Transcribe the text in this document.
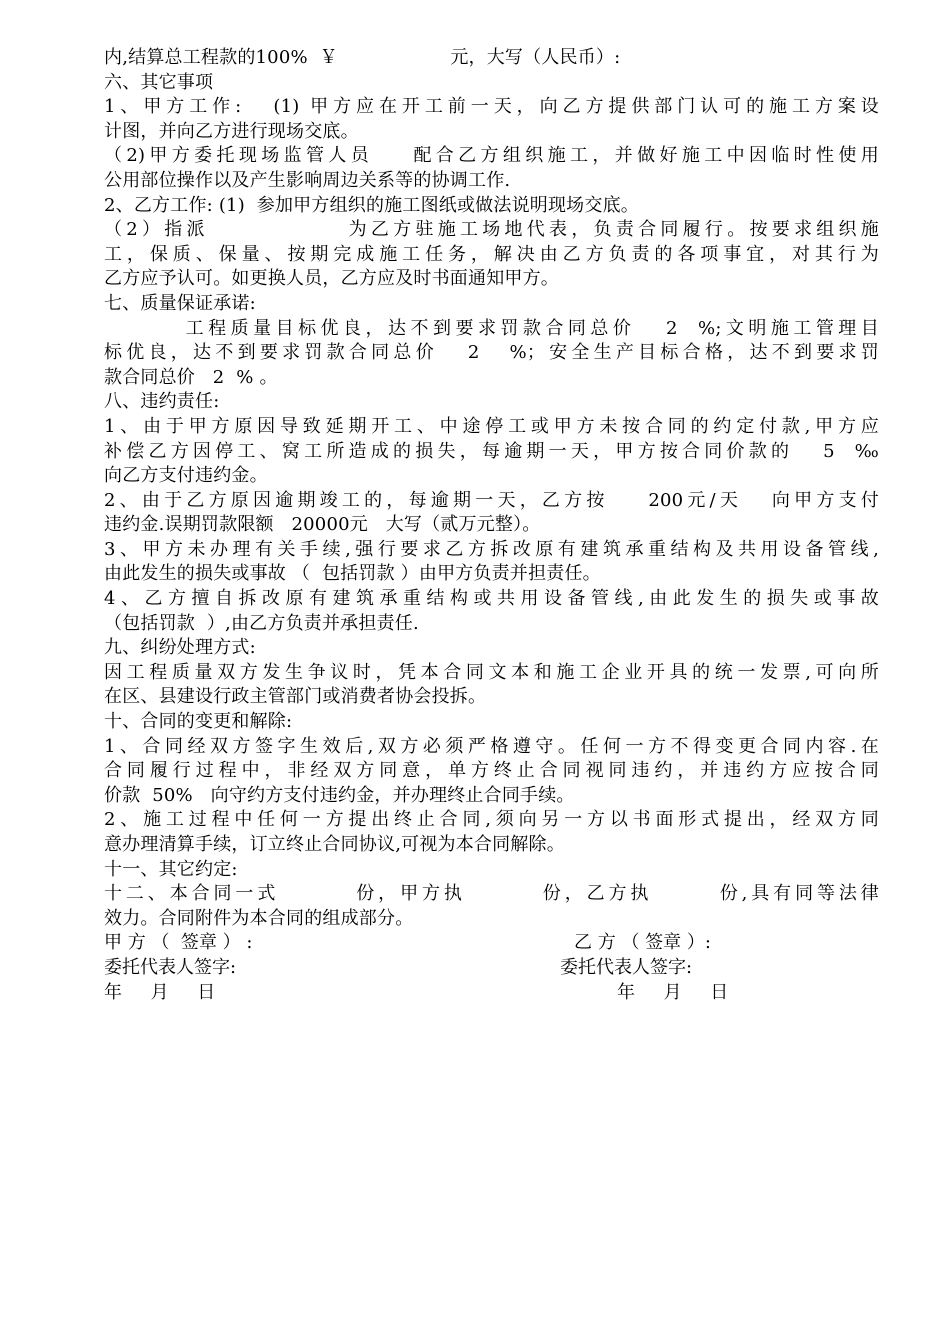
内,结算总工程款的100%  ￥                   元，大写（人民币）:
六、其它事项
1、甲方工作:   (1) 甲方应在开工前一天，向乙方提供部门认可的施工方案设
计图，并向乙方进行现场交底。
（2)甲方委托现场监管人员    配合乙方组织施工，并做好施工中因临时性使用
公用部位操作以及产生影响周边关系等的协调工作.
2、乙方工作: (1)  参加甲方组织的施工图纸或做法说明现场交底。
（2）指派              为乙方驻施工场地代表，负责合同履行。按要求组织施
工，保质、保量、按期完成施工任务，解决由乙方负责的各项事宜，对其行为
乙方应予认可。如更换人员，乙方应及时书面通知甲方。
七、质量保证承诺:
工程质量目标优良，达不到要求罚款合同总价   2  %;文明施工管理目
标优良，达不到要求罚款合同总价   2   %；安全生产目标合格，达不到要求罚
款合同总价   2  % 。
八、违约责任:
1、由于甲方原因导致延期开工、中途停工或甲方未按合同的约定付款,甲方应
补偿乙方因停工、窝工所造成的损失，每逾期一天，甲方按合同价款的   5  ‰
向乙方支付违约金。
2、由于乙方原因逾期竣工的，每逾期一天，乙方按    200元/天   向甲方支付
违约金.误期罚款限额   20000元   大写（贰万元整）。
3、甲方未办理有关手续,强行要求乙方拆改原有建筑承重结构及共用设备管线,
由此发生的损失或事故 （  包括罚款 ）由甲方负责并担责任。
4、乙方擅自拆改原有建筑承重结构或共用设备管线,由此发生的损失或事故
（包括罚款  ）,由乙方负责并承担责任.
九、纠纷处理方式:
因工程质量双方发生争议时，凭本合同文本和施工企业开具的统一发票,可向所
在区、县建设行政主管部门或消费者协会投拆。
十、合同的变更和解除:
1、合同经双方签字生效后,双方必须严格遵守。任何一方不得变更合同内容.在
合同履行过程中，非经双方同意，单方终止合同视同违约，并违约方应按合同
价款  50%   向守约方支付违约金，并办理终止合同手续。
2、施工过程中任何一方提出终止合同,须向另一方以书面形式提出，经双方同
意办理清算手续，订立终止合同协议,可视为本合同解除。
十一、其它约定:
十二、本合同一式        份，甲方执        份，乙方执       份,具有同等法律
效力。合同附件为本合同的组成部分。
甲 方 （  签章 ） :	乙 方 （ 签章 ）:
委托代表人签字:	委托代表人签字:
年     月     日	年     月     日
